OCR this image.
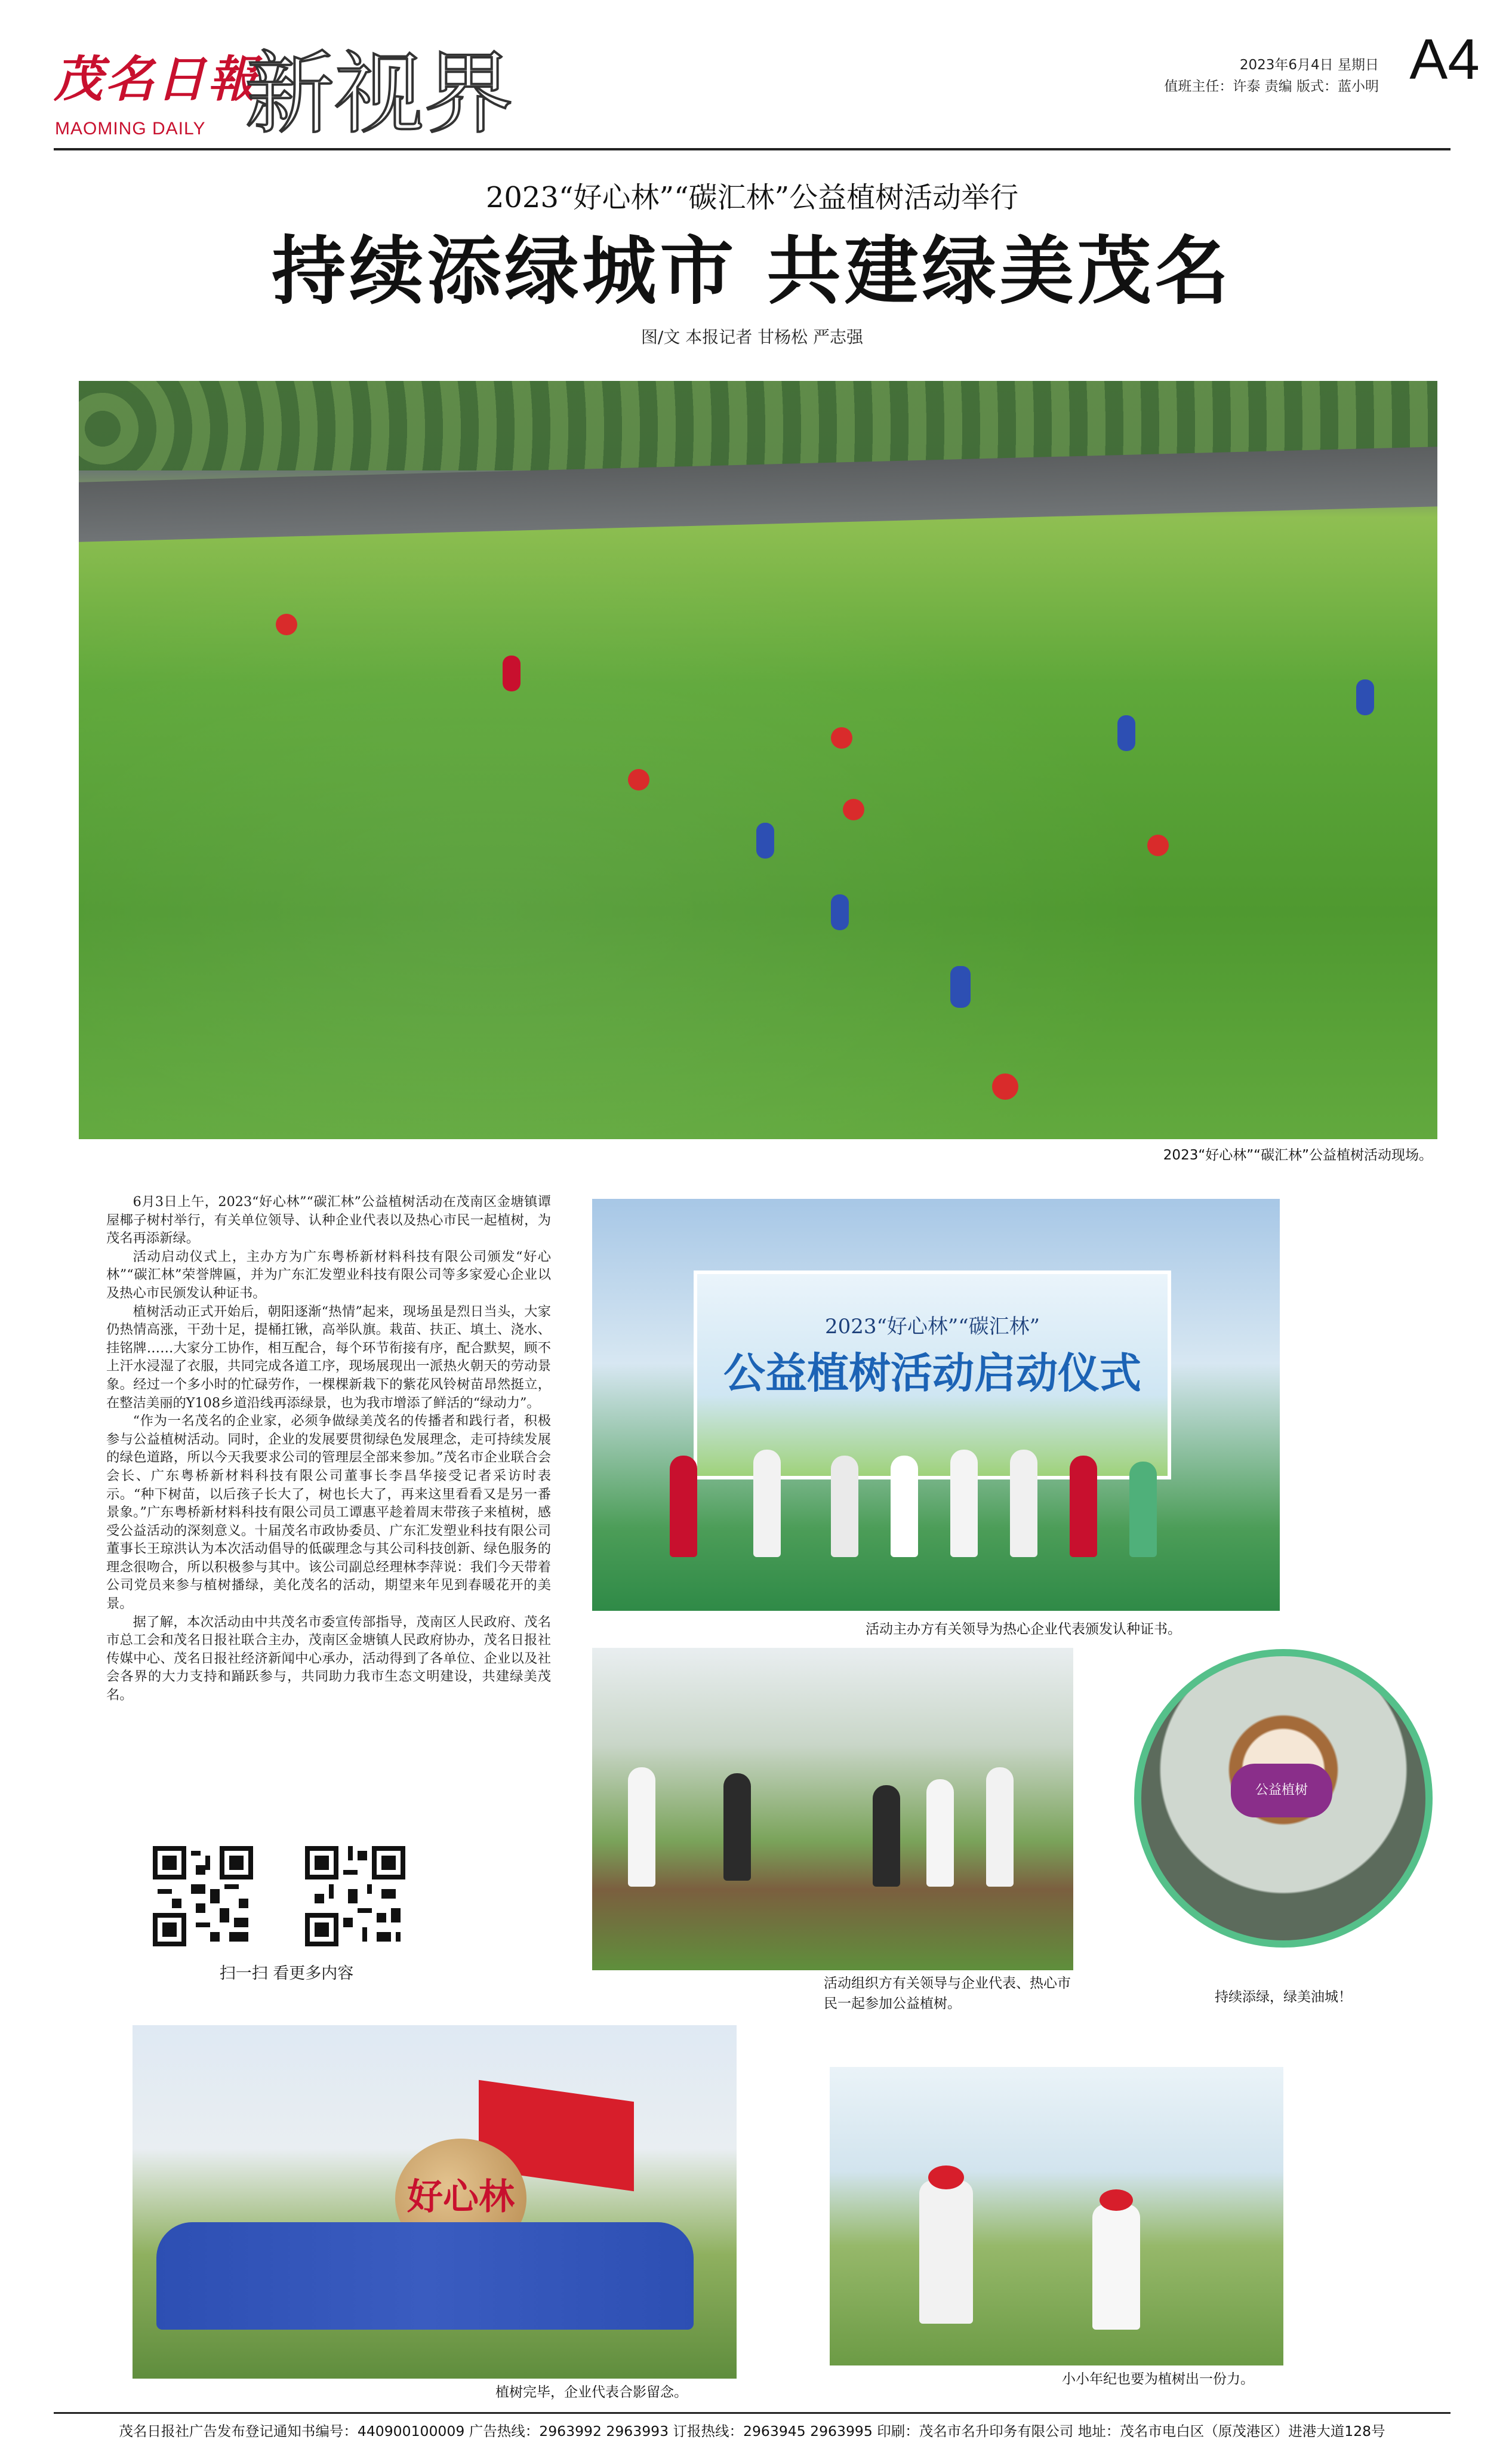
茂名日報
MAOMING DAILY 新视界	2023年6月4日 星期日
值班主任：许泰 责编 版式：蓝小明 A4
2023“好心林”“碳汇林”公益植树活动举行
持续添绿城市 共建绿美茂名
图/文 本报记者 甘杨松 严志强
2023“好心林”“碳汇林”公益植树活动现场。

6月3日上午，2023“好心林”“碳汇林”公益植树活动在茂南区金塘镇谭屋椰子树村举行，有关单位领导、认种企业代表以及热心市民一起植树，为茂名再添新绿。

活动启动仪式上，主办方为广东粤桥新材料科技有限公司颁发“好心林”“碳汇林”荣誉牌匾，并为广东汇发塑业科技有限公司等多家爱心企业以及热心市民颁发认种证书。

植树活动正式开始后，朝阳逐渐“热情”起来，现场虽是烈日当头，大家仍热情高涨，干劲十足，提桶扛锹，高举队旗。栽苗、扶正、填土、浇水、挂铭牌……大家分工协作，相互配合，每个环节衔接有序，配合默契，顾不上汗水浸湿了衣服，共同完成各道工序，现场展现出一派热火朝天的劳动景象。经过一个多小时的忙碌劳作，一棵棵新栽下的紫花风铃树苗昂然挺立，在整洁美丽的Y108乡道沿线再添绿景，也为我市增添了鲜活的“绿动力”。

“作为一名茂名的企业家，必须争做绿美茂名的传播者和践行者，积极参与公益植树活动。同时，企业的发展要贯彻绿色发展理念，走可持续发展的绿色道路，所以今天我要求公司的管理层全部来参加。”茂名市企业联合会会长、广东粤桥新材料科技有限公司董事长李昌华接受记者采访时表示。“种下树苗，以后孩子长大了，树也长大了，再来这里看看又是另一番景象。”广东粤桥新材料科技有限公司员工谭惠平趁着周末带孩子来植树，感受公益活动的深刻意义。十届茂名市政协委员、广东汇发塑业科技有限公司董事长王琼洪认为本次活动倡导的低碳理念与其公司科技创新、绿色服务的理念很吻合，所以积极参与其中。该公司副总经理林李萍说：我们今天带着公司党员来参与植树播绿，美化茂名的活动，期望来年见到春暖花开的美景。

据了解，本次活动由中共茂名市委宣传部指导，茂南区人民政府、茂名市总工会和茂名日报社联合主办，茂南区金塘镇人民政府协办，茂名日报社传媒中心、茂名日报社经济新闻中心承办，活动得到了各单位、企业以及社会各界的大力支持和踊跃参与，共同助力我市生态文明建设，共建绿美茂名。

2023“好心林”“碳汇林”
公益植树活动启动仪式
活动主办方有关领导为热心企业代表颁发认种证书。
活动组织方有关领导与企业代表、热心市民一起参加公益植树。
公益植树
持续添绿，绿美油城！
扫一扫 看更多内容
好心林
植树完毕，企业代表合影留念。
小小年纪也要为植树出一份力。
茂名日报社广告发布登记通知书编号：440900100009 广告热线：2963992 2963993 订报热线：2963945 2963995 印刷：茂名市名升印务有限公司 地址：茂名市电白区（原茂港区）进港大道128号
